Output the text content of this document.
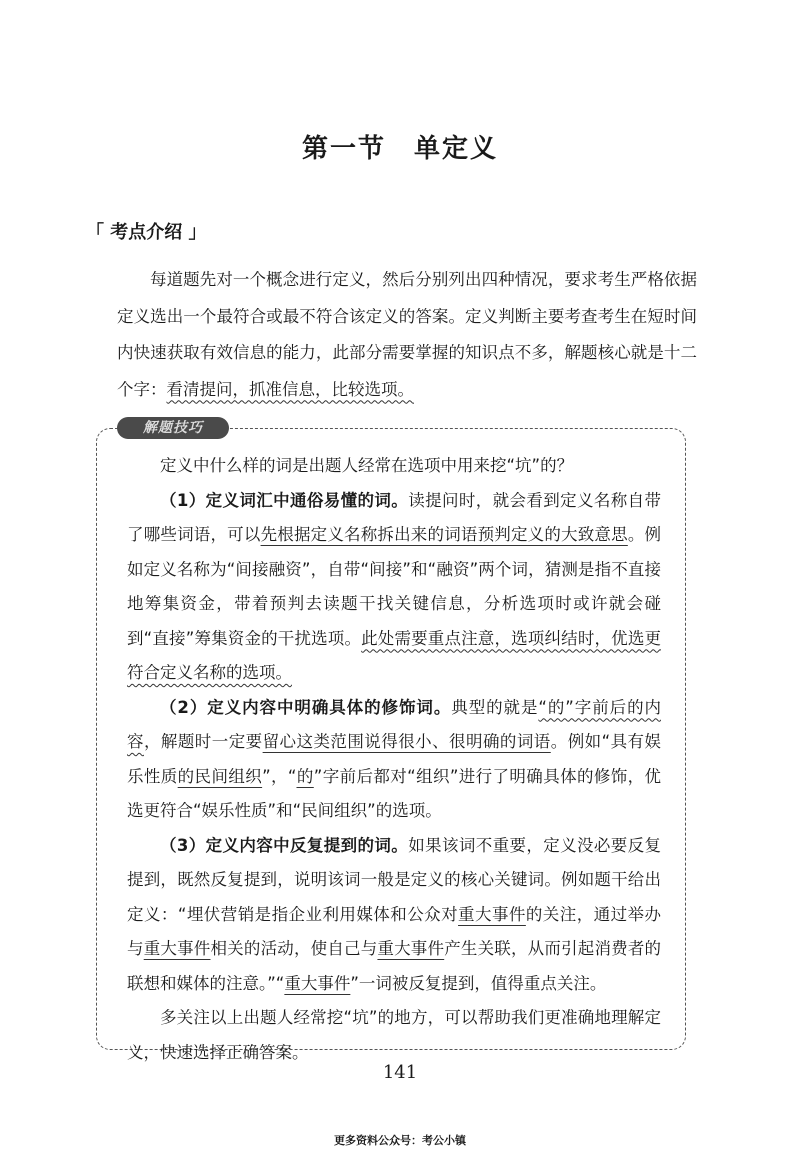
第一节 单定义
「 考点介绍 」
每道题先对一个概念进行定义，然后分别列出四种情况，要求考生严格依据定义选出一个最符合或最不符合该定义的答案。定义判断主要考查考生在短时间内快速获取有效信息的能力，此部分需要掌握的知识点不多，解题核心就是十二个字：看清提问，抓准信息，比较选项。
解题技巧

定义中什么样的词是出题人经常在选项中用来挖“坑”的？

（1）定义词汇中通俗易懂的词。读提问时，就会看到定义名称自带了哪些词语，可以先根据定义名称拆出来的词语预判定义的大致意思。例如定义名称为“间接融资”，自带“间接”和“融资”两个词，猜测是指不直接地筹集资金，带着预判去读题干找关键信息，分析选项时或许就会碰到“直接”筹集资金的干扰选项。此处需要重点注意，选项纠结时，优选更符合定义名称的选项。

（2）定义内容中明确具体的修饰词。典型的就是“的”字前后的内容，解题时一定要留心这类范围说得很小、很明确的词语。例如“具有娱乐性质的民间组织”，“的”字前后都对“组织”进行了明确具体的修饰，优选更符合“娱乐性质”和“民间组织”的选项。

（3）定义内容中反复提到的词。如果该词不重要，定义没必要反复提到，既然反复提到，说明该词一般是定义的核心关键词。例如题干给出定义：“埋伏营销是指企业利用媒体和公众对重大事件的关注，通过举办与重大事件相关的活动，使自己与重大事件产生关联，从而引起消费者的联想和媒体的注意。”“重大事件”一词被反复提到，值得重点关注。

多关注以上出题人经常挖“坑”的地方，可以帮助我们更准确地理解定义，快速选择正确答案。

141
更多资料公众号：考公小镇
